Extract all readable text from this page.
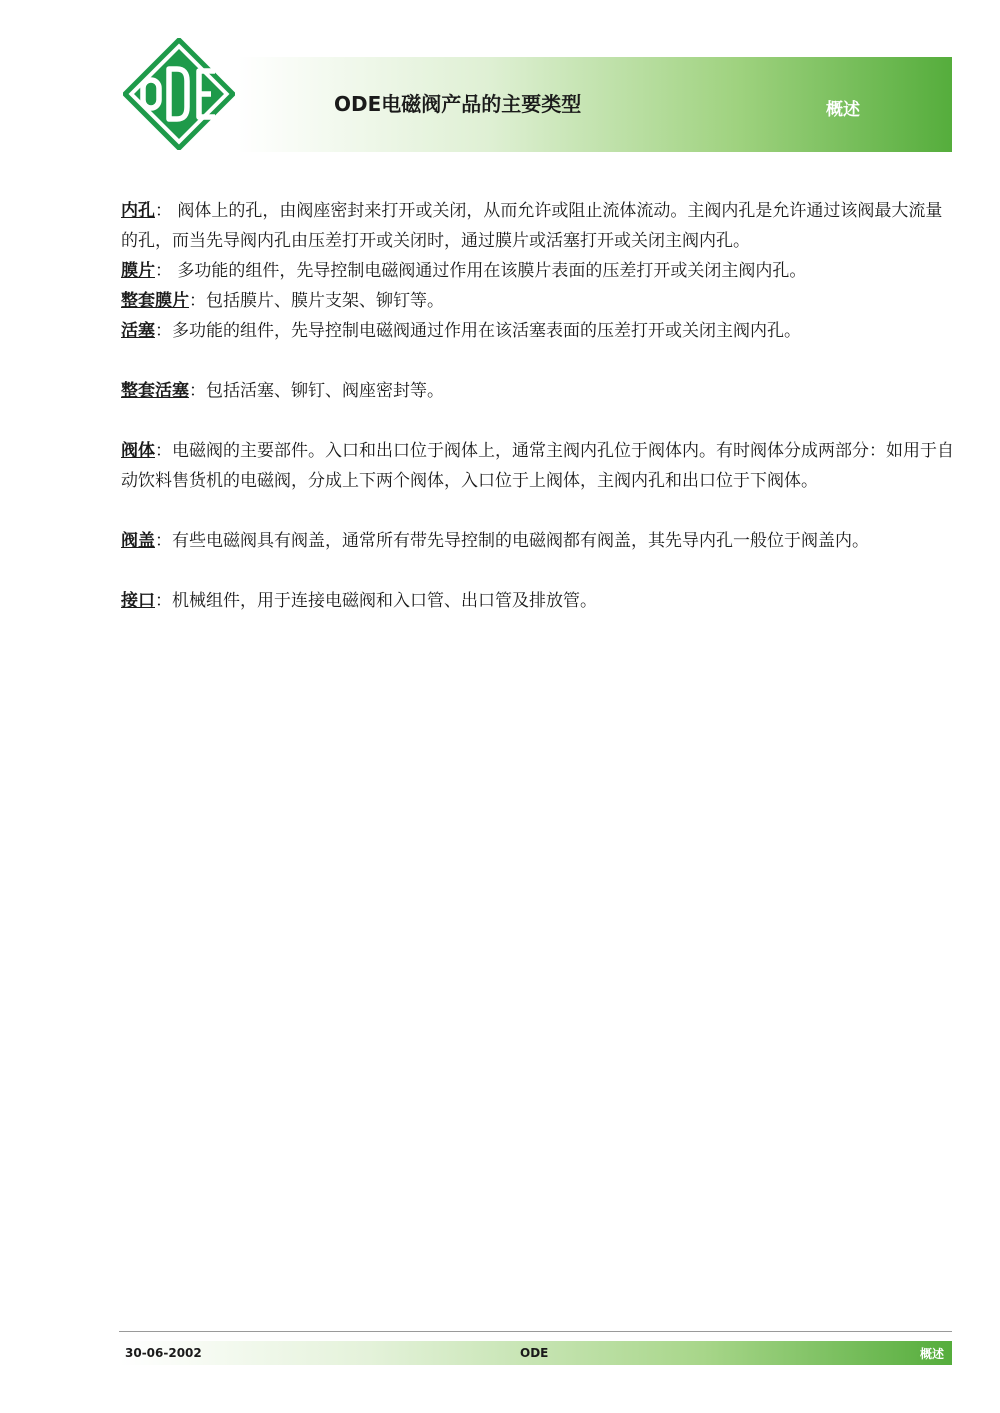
ODE电磁阀产品的主要类型	概述

内孔： 阀体上的孔，由阀座密封来打开或关闭，从而允许或阻止流体流动。主阀内孔是允许通过该阀最大流量的孔，而当先导阀内孔由压差打开或关闭时，通过膜片或活塞打开或关闭主阀内孔。

膜片： 多功能的组件，先导控制电磁阀通过作用在该膜片表面的压差打开或关闭主阀内孔。

整套膜片：包括膜片、膜片支架、铆钉等。

活塞：多功能的组件，先导控制电磁阀通过作用在该活塞表面的压差打开或关闭主阀内孔。

整套活塞：包括活塞、铆钉、阀座密封等。

阀体：电磁阀的主要部件。入口和出口位于阀体上，通常主阀内孔位于阀体内。有时阀体分成两部分：如用于自动饮料售货机的电磁阀，分成上下两个阀体，入口位于上阀体，主阀内孔和出口位于下阀体。

阀盖：有些电磁阀具有阀盖，通常所有带先导控制的电磁阀都有阀盖，其先导内孔一般位于阀盖内。

接口：机械组件，用于连接电磁阀和入口管、出口管及排放管。

30-06-2002	ODE	概述
